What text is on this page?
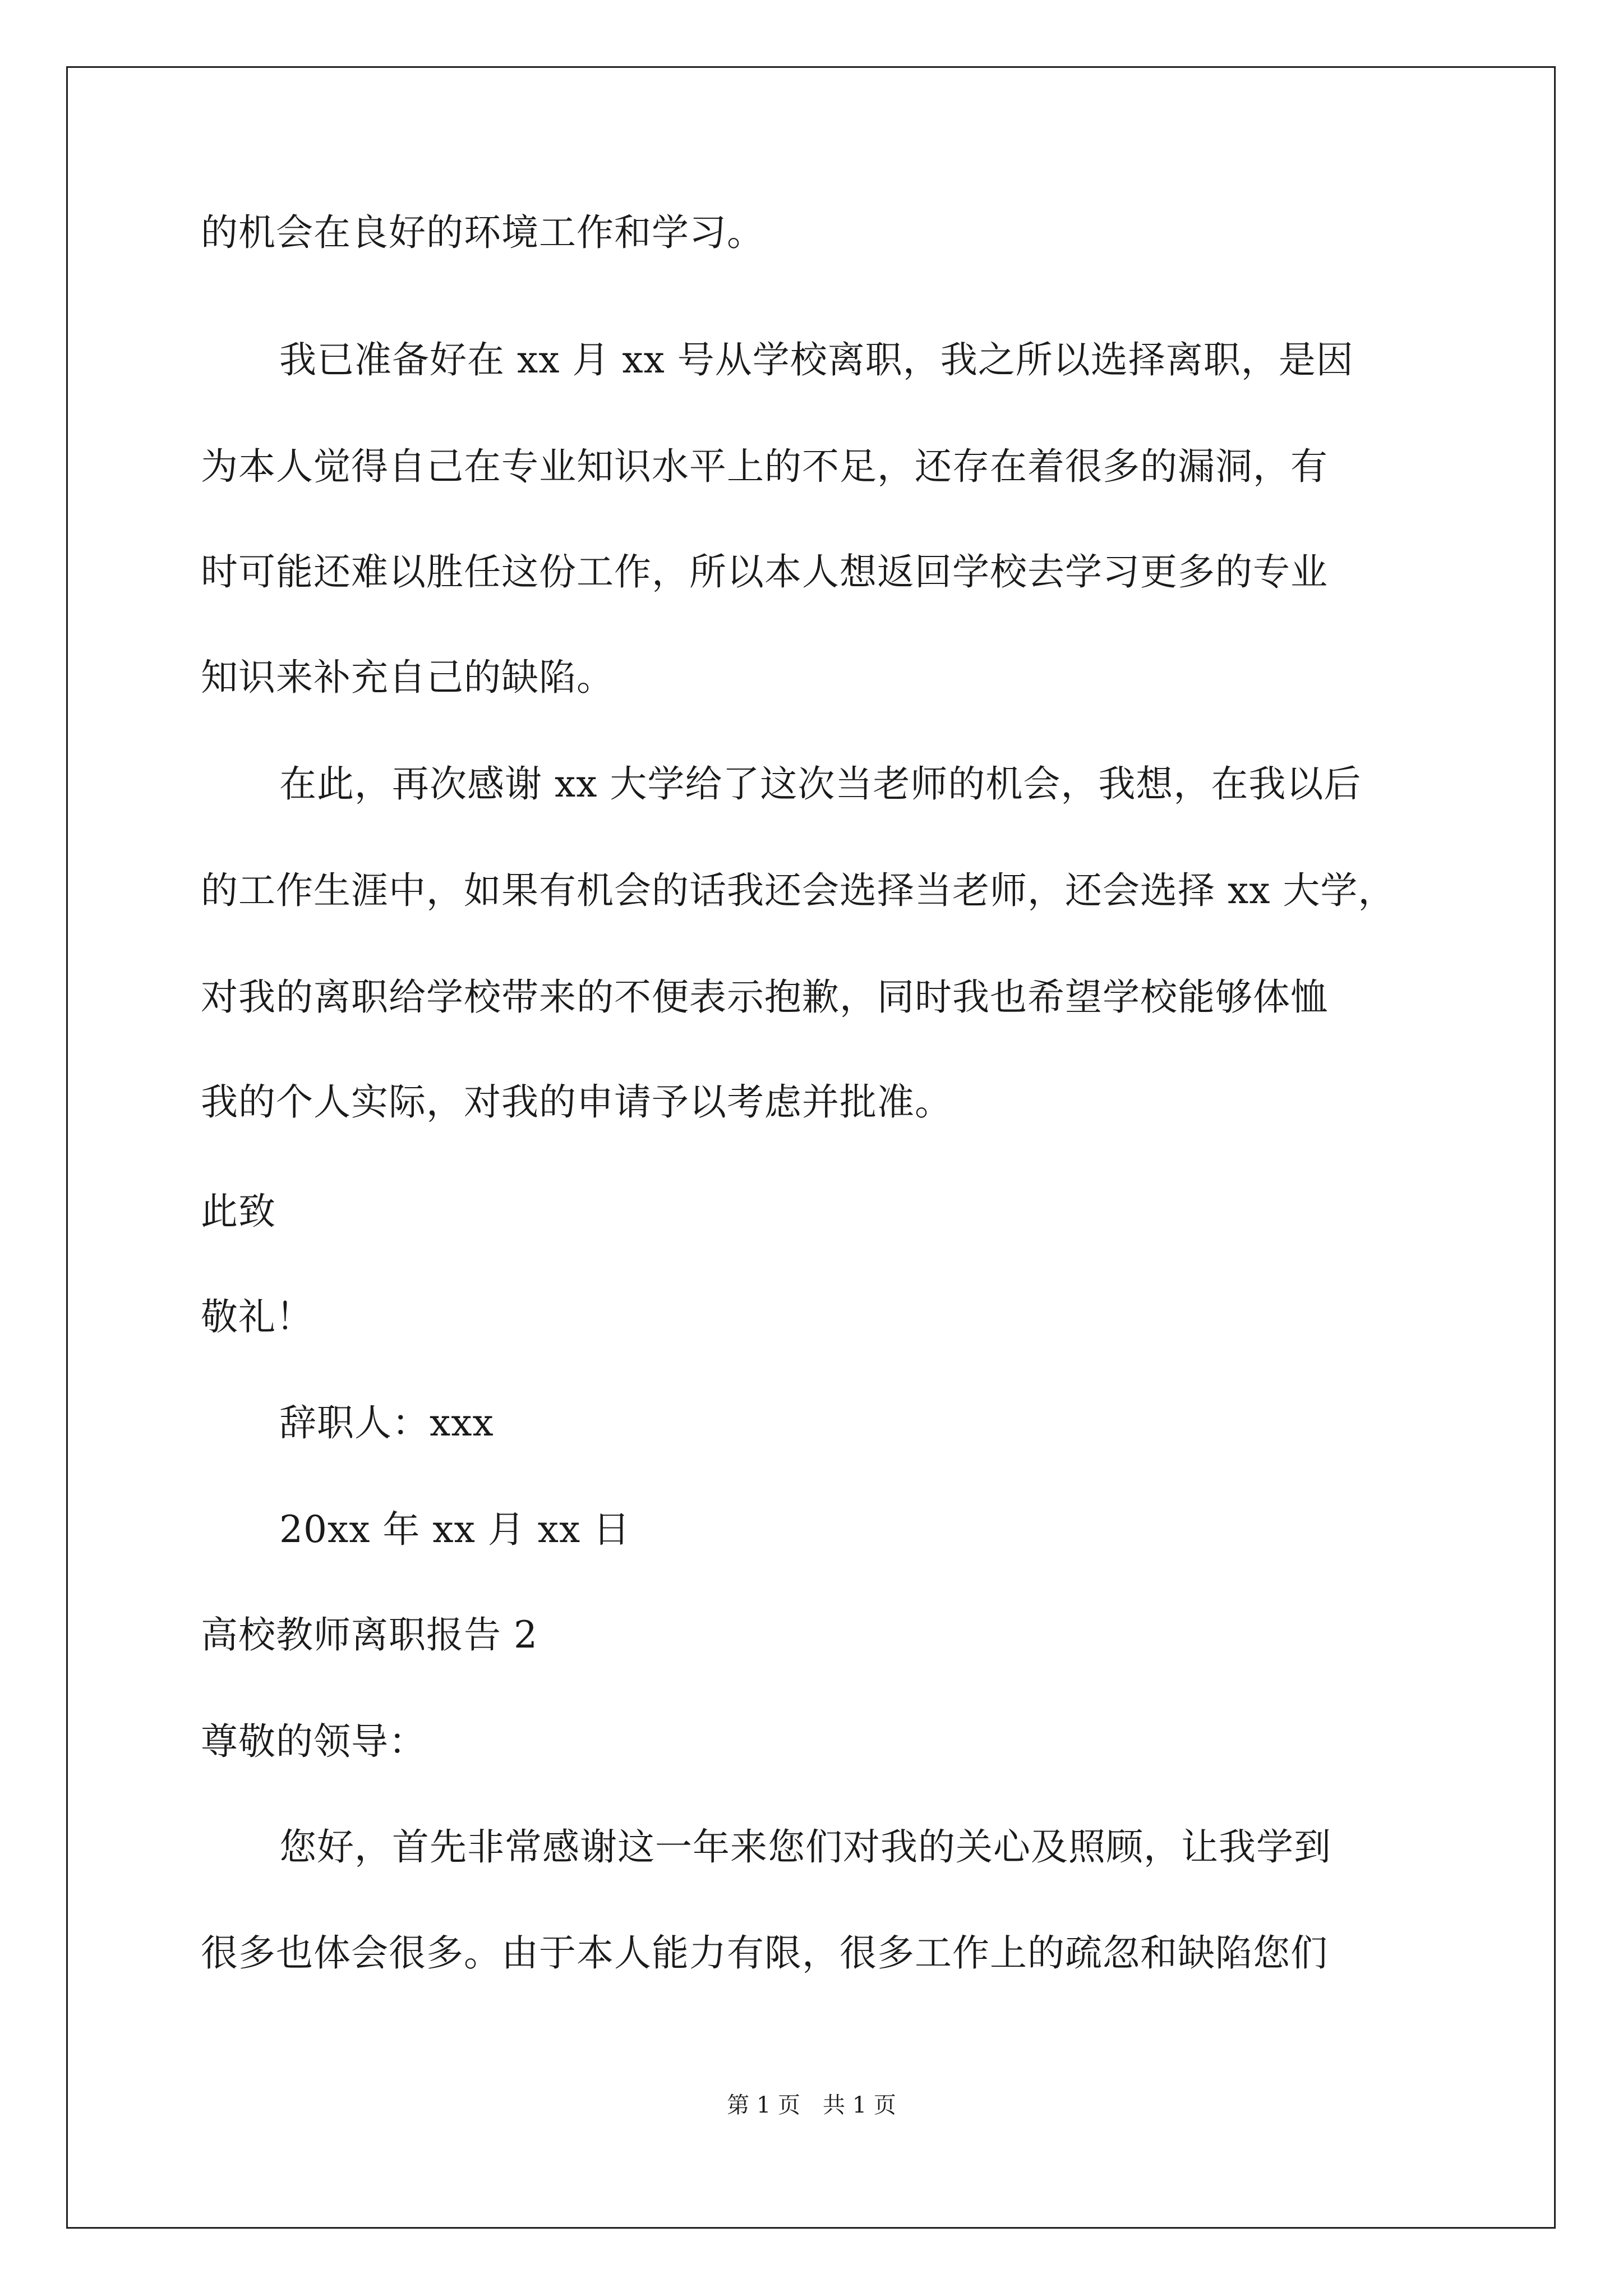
的机会在良好的环境工作和学习。
我已准备好在 xx 月 xx 号从学校离职，我之所以选择离职，是因
为本人觉得自己在专业知识水平上的不足，还存在着很多的漏洞，有
时可能还难以胜任这份工作，所以本人想返回学校去学习更多的专业
知识来补充自己的缺陷。
在此，再次感谢 xx 大学给了这次当老师的机会，我想，在我以后
的工作生涯中，如果有机会的话我还会选择当老师，还会选择 xx 大学，
对我的离职给学校带来的不便表示抱歉，同时我也希望学校能够体恤
我的个人实际，对我的申请予以考虑并批准。
此致
敬礼！
辞职人：xxx
20xx 年 xx 月 xx 日
高校教师离职报告 2
尊敬的领导：
您好，首先非常感谢这一年来您们对我的关心及照顾，让我学到
很多也体会很多。由于本人能力有限，很多工作上的疏忽和缺陷您们
第 1 页　共 1 页
